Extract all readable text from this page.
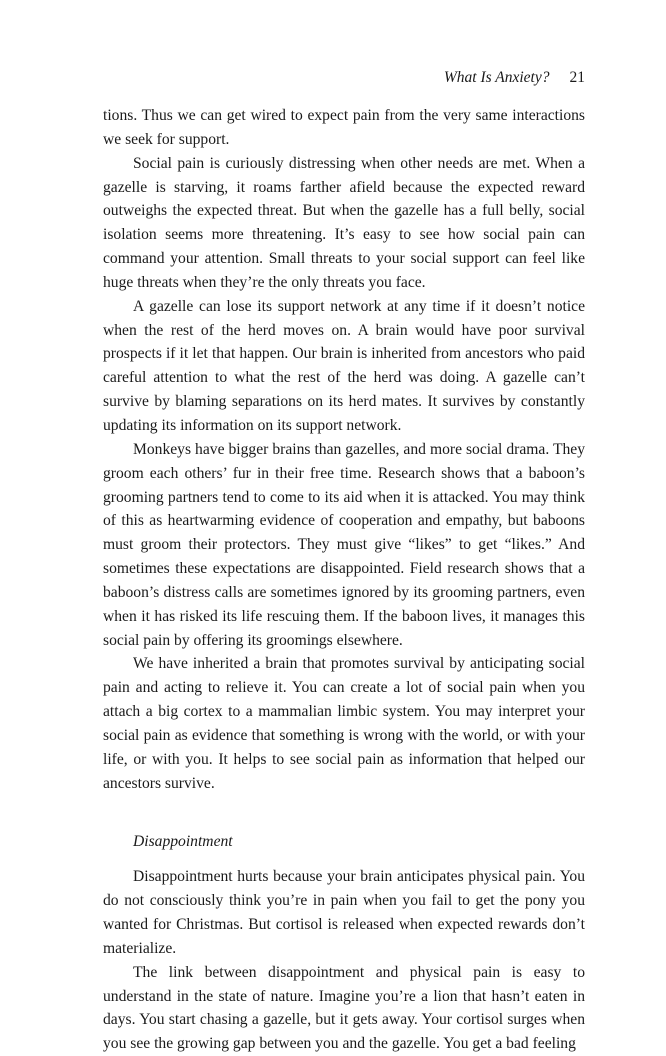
What Is Anxiety? 21

tions. Thus we can get wired to expect pain from the very same interactions we seek for support.

Social pain is curiously distressing when other needs are met. When a gazelle is starving, it roams farther afield because the expected reward outweighs the expected threat. But when the gazelle has a full belly, social isolation seems more threatening. It’s easy to see how social pain can command your attention. Small threats to your social support can feel like huge threats when they’re the only threats you face.

A gazelle can lose its support network at any time if it doesn’t notice when the rest of the herd moves on. A brain would have poor survival prospects if it let that happen. Our brain is inherited from ancestors who paid careful attention to what the rest of the herd was doing. A gazelle can’t survive by blaming separations on its herd mates. It survives by constantly updating its information on its support network.

Monkeys have bigger brains than gazelles, and more social drama. They groom each others’ fur in their free time. Research shows that a baboon’s grooming partners tend to come to its aid when it is attacked. You may think of this as heartwarming evidence of cooperation and empathy, but baboons must groom their protectors. They must give “likes” to get “likes.” And sometimes these expectations are disappointed. Field research shows that a baboon’s distress calls are sometimes ignored by its grooming partners, even when it has risked its life rescuing them. If the baboon lives, it manages this social pain by offering its groomings elsewhere.

We have inherited a brain that promotes survival by anticipating social pain and acting to relieve it. You can create a lot of social pain when you attach a big cortex to a mammalian limbic system. You may interpret your social pain as evidence that something is wrong with the world, or with your life, or with you. It helps to see social pain as information that helped our ancestors survive.

Disappointment

Disappointment hurts because your brain anticipates physical pain. You do not consciously think you’re in pain when you fail to get the pony you wanted for Christmas. But cortisol is released when expected rewards don’t materialize.

The link between disappointment and physical pain is easy to understand in the state of nature. Imagine you’re a lion that hasn’t eaten in days. You start chasing a gazelle, but it gets away. Your cortisol surges when you see the growing gap between you and the gazelle. You get a bad feeling
